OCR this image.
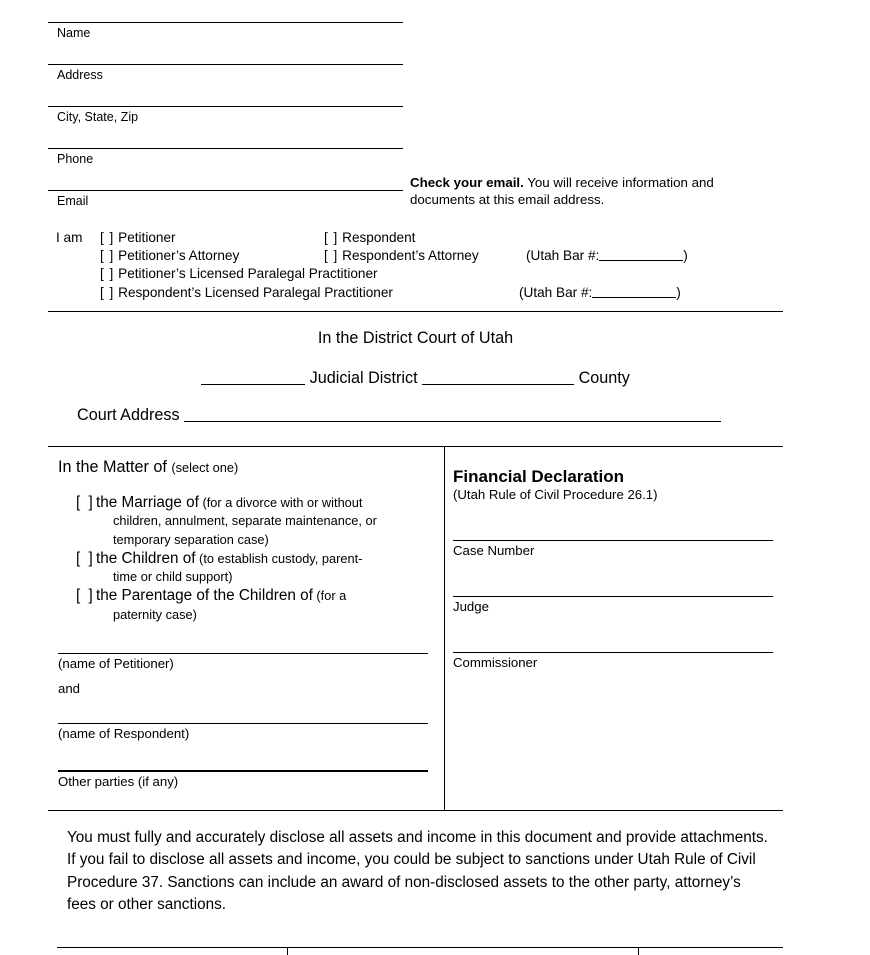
Name
Address
City, State, Zip
Phone
Email
Check your email. You will receive information and documents at this email address.
I am [ ] Petitioner	[ ] Respondent
[ ] Petitioner’s Attorney	[ ] Respondent’s Attorney	(Utah Bar #:	)
[ ] Petitioner’s Licensed Paralegal Practitioner
[ ] Respondent’s Licensed Paralegal Practitioner	(Utah Bar #:	)
In the District Court of Utah
Judicial District	County
Court Address
In the Matter of (select one)
[ ] the Marriage of (for a divorce with or without
children, annulment, separate maintenance, or temporary separation case)
[ ] the Children of (to establish custody, parent-
time or child support)
[ ] the Parentage of the Children of (for a
paternity case)
(name of Petitioner)
and
(name of Respondent)
Other parties (if any)
Financial Declaration
(Utah Rule of Civil Procedure 26.1)
Case Number
Judge
Commissioner
You must fully and accurately disclose all assets and income in this document and provide attachments. If you fail to disclose all assets and income, you could be subject to sanctions under Utah Rule of Civil Procedure 37. Sanctions can include an award of non-disclosed assets to the other party, attorney’s fees or other sanctions.
